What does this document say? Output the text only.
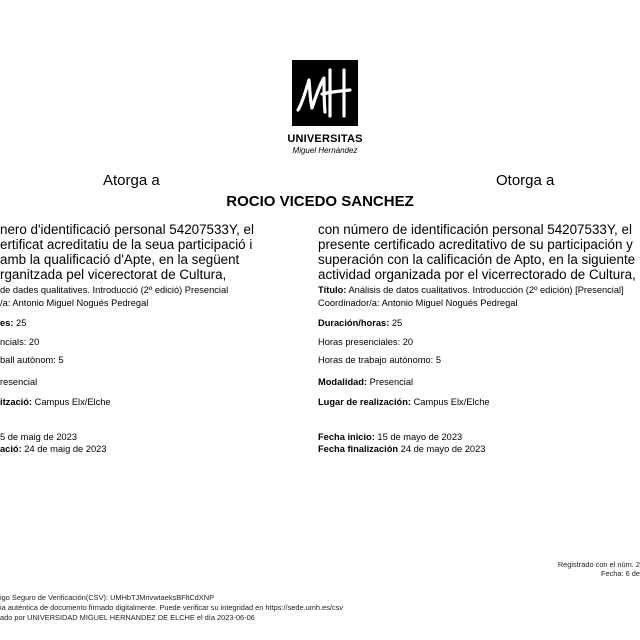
UNIVERSITAS
Miguel Hernández
Atorga a	Otorga a
ROCIO VICEDO SANCHEZ
nero d'identificació personal 54207533Y, el
ertificat acreditatiu de la seua participació i
amb la qualificació d'Apte, en la següent
rganitzada pel vicerectorat de Cultura,
con número de identificación personal 54207533Y, el
presente certificado acreditativo de su participación y
superación con la calificación de Apto, en la siguiente
actividad organizada por el vicerrectorado de Cultura,
de dades qualitatives. Introducció (2º edició) Presencial
/a: Antonio Miguel Nogués Pedregal
es: 25
ncials: 20
ball autònom: 5
resencial
ització: Campus Elx/Elche
5 de maig de 2023
ació: 24 de maig de 2023
Título: Análisis de datos cualitativos. Introducción (2º edición) [Presencial]
Coordinador/a: Antonio Miguel Nogués Pedregal
Duración/horas: 25
Horas presenciales: 20
Horas de trabajo autónomo: 5
Modalidad: Presencial
Lugar de realización: Campus Elx/Elche
Fecha inicio: 15 de mayo de 2023
Fecha finalización 24 de mayo de 2023
Registrado con el núm. 2
Fecha: 6 de
igo Seguro de Verificación(CSV): UMHbTJMnvwtaeksBFltCdXNP
ia auténtica de documento firmado digitalmente. Puede verificar su integridad en https://sede.umh.es/csv
ado por UNIVERSIDAD MIGUEL HERNANDEZ DE ELCHE el día 2023-06-06
